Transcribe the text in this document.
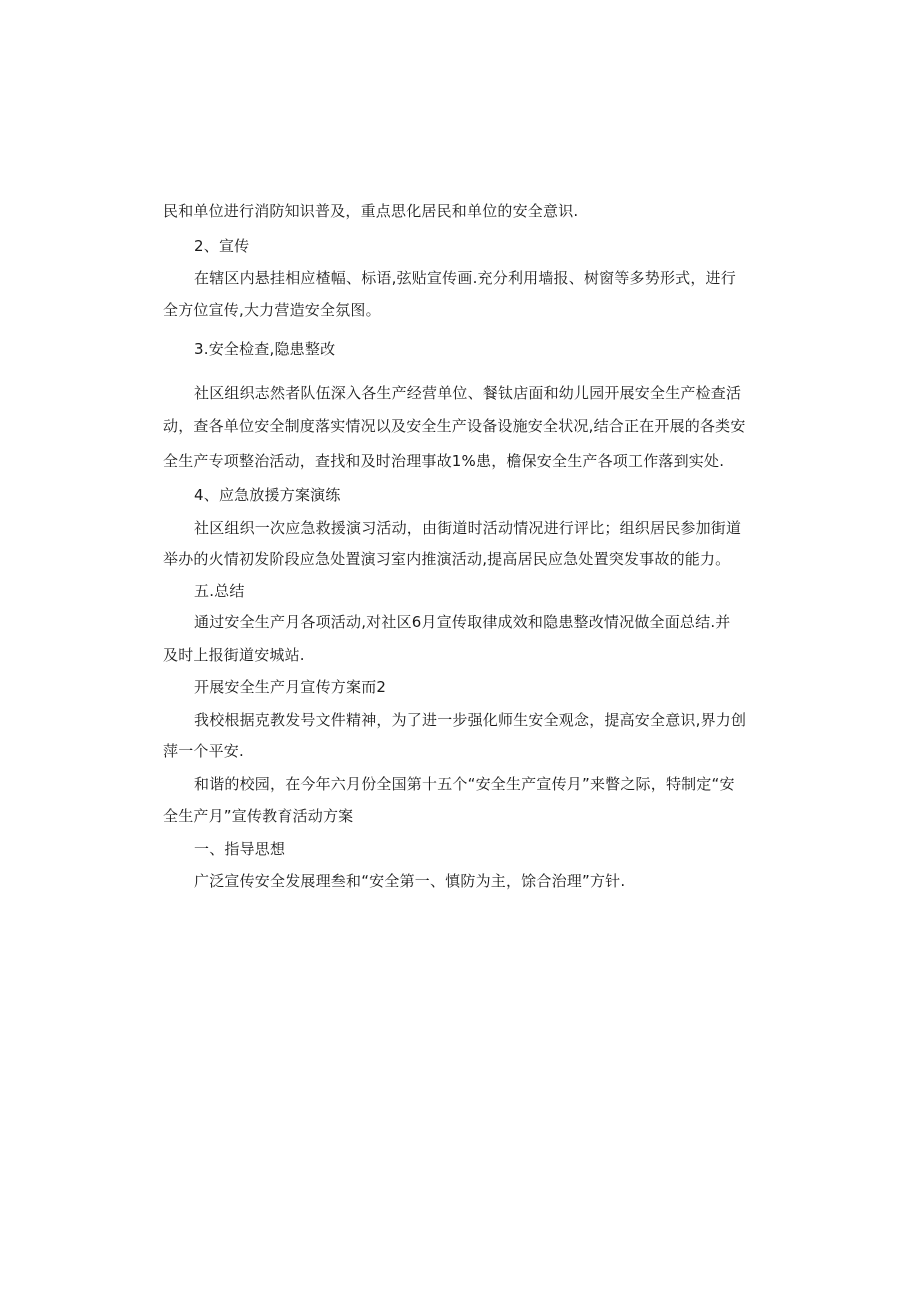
民和单位进行消防知识普及，重点思化居民和单位的安全意识.
2、宣传
在辖区内悬挂相应楂幅、标语,弦贴宣传画.充分利用墙报、树窗等多势形式，进行
全方位宣传,大力营造安全氛图。
3.安全检查,隐患整改
社区组织志然者队伍深入各生产经营单位、餐钛店面和幼儿园开展安全生产检查活
动，查各单位安全制度落实情况以及安全生产设备设施安全状况,结合正在开展的各类安
全生产专项整治活动，查找和及时治理事故1%患，檐保安全生产各项工作落到实处.
4、应急放援方案演练
社区组织一次应急救援演习活动，由街道时活动情况进行评比；组织居民参加街道
举办的火情初发阶段应急处置演习室内推演活动,提高居民应急处置突发事故的能力。
五.总结
通过安全生产月各项活动,对社区6月宣传取律成效和隐患整改情况做全面总结.并
及时上报街道安城站.
开展安全生产月宣传方案而2
我校根据克教发号文件精神，为了进一步强化师生安全观念，提高安全意识,界力创
萍一个平安.
和谐的校园，在今年六月份全国第十五个“安全生产宣传月”来瞥之际，特制定“安
全生产月”宣传教育活动方案
一、指导思想
广泛宣传安全发展理叁和“安全第一、慎防为主，馀合治理”方针.
